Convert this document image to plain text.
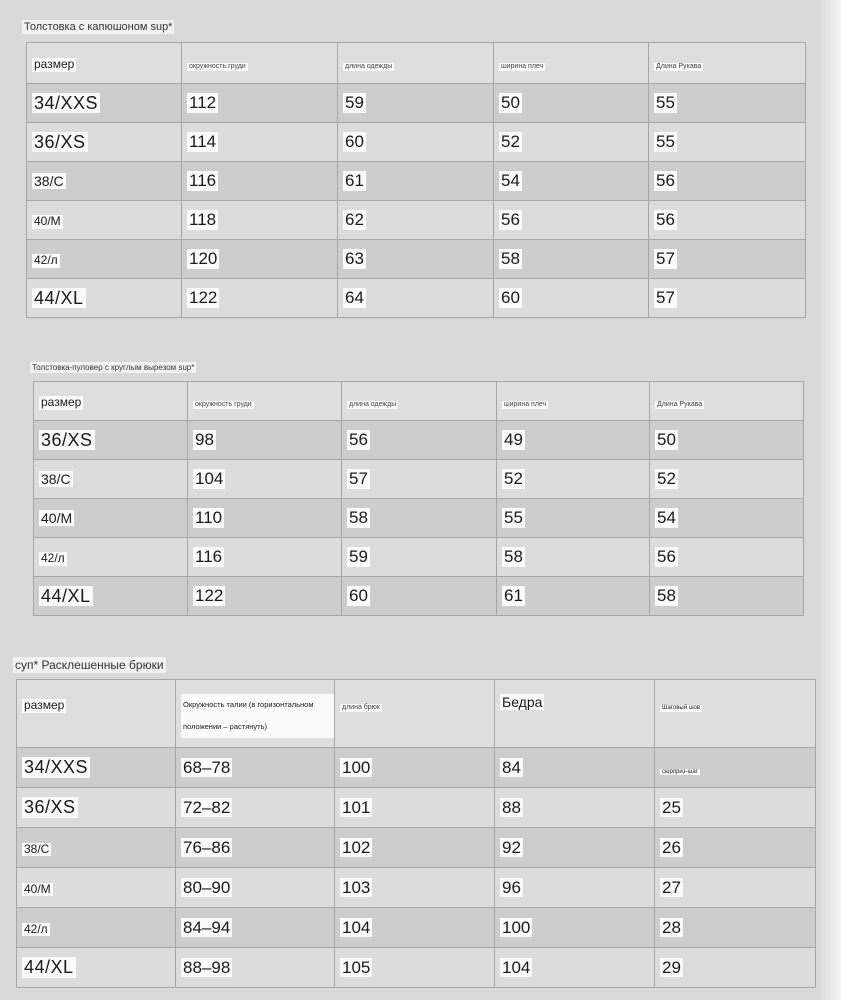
Толстовка с капюшоном sup*
размер	окружность груди	длина одежды	ширина плеч	Длина Рукава
34/XXS	112	59	50	55
36/XS	114	60	52	55
38/C	116	61	54	56
40/M	118	62	56	56
42/л	120	63	58	57
44/XL	122	64	60	57
Толстовка-пуловер с круглым вырезом sup*
размер	окружность груди	длина одежды	ширина плеч	Длина Рукава
36/XS	98	56	49	50
38/C	104	57	52	52
40/M	110	58	55	54
42/л	116	59	58	56
44/XL	122	60	61	58
суп* Расклешенные брюки
размер	Окружность талии (в горизонтальном положении – растянуть)	длина брюк	Бедра	Шаговый шов
34/XXS	68–78	100	84	сюрприз-шаг
36/XS	72–82	101	88	25
38/C	76–86	102	92	26
40/M	80–90	103	96	27
42/л	84–94	104	100	28
44/XL	88–98	105	104	29
